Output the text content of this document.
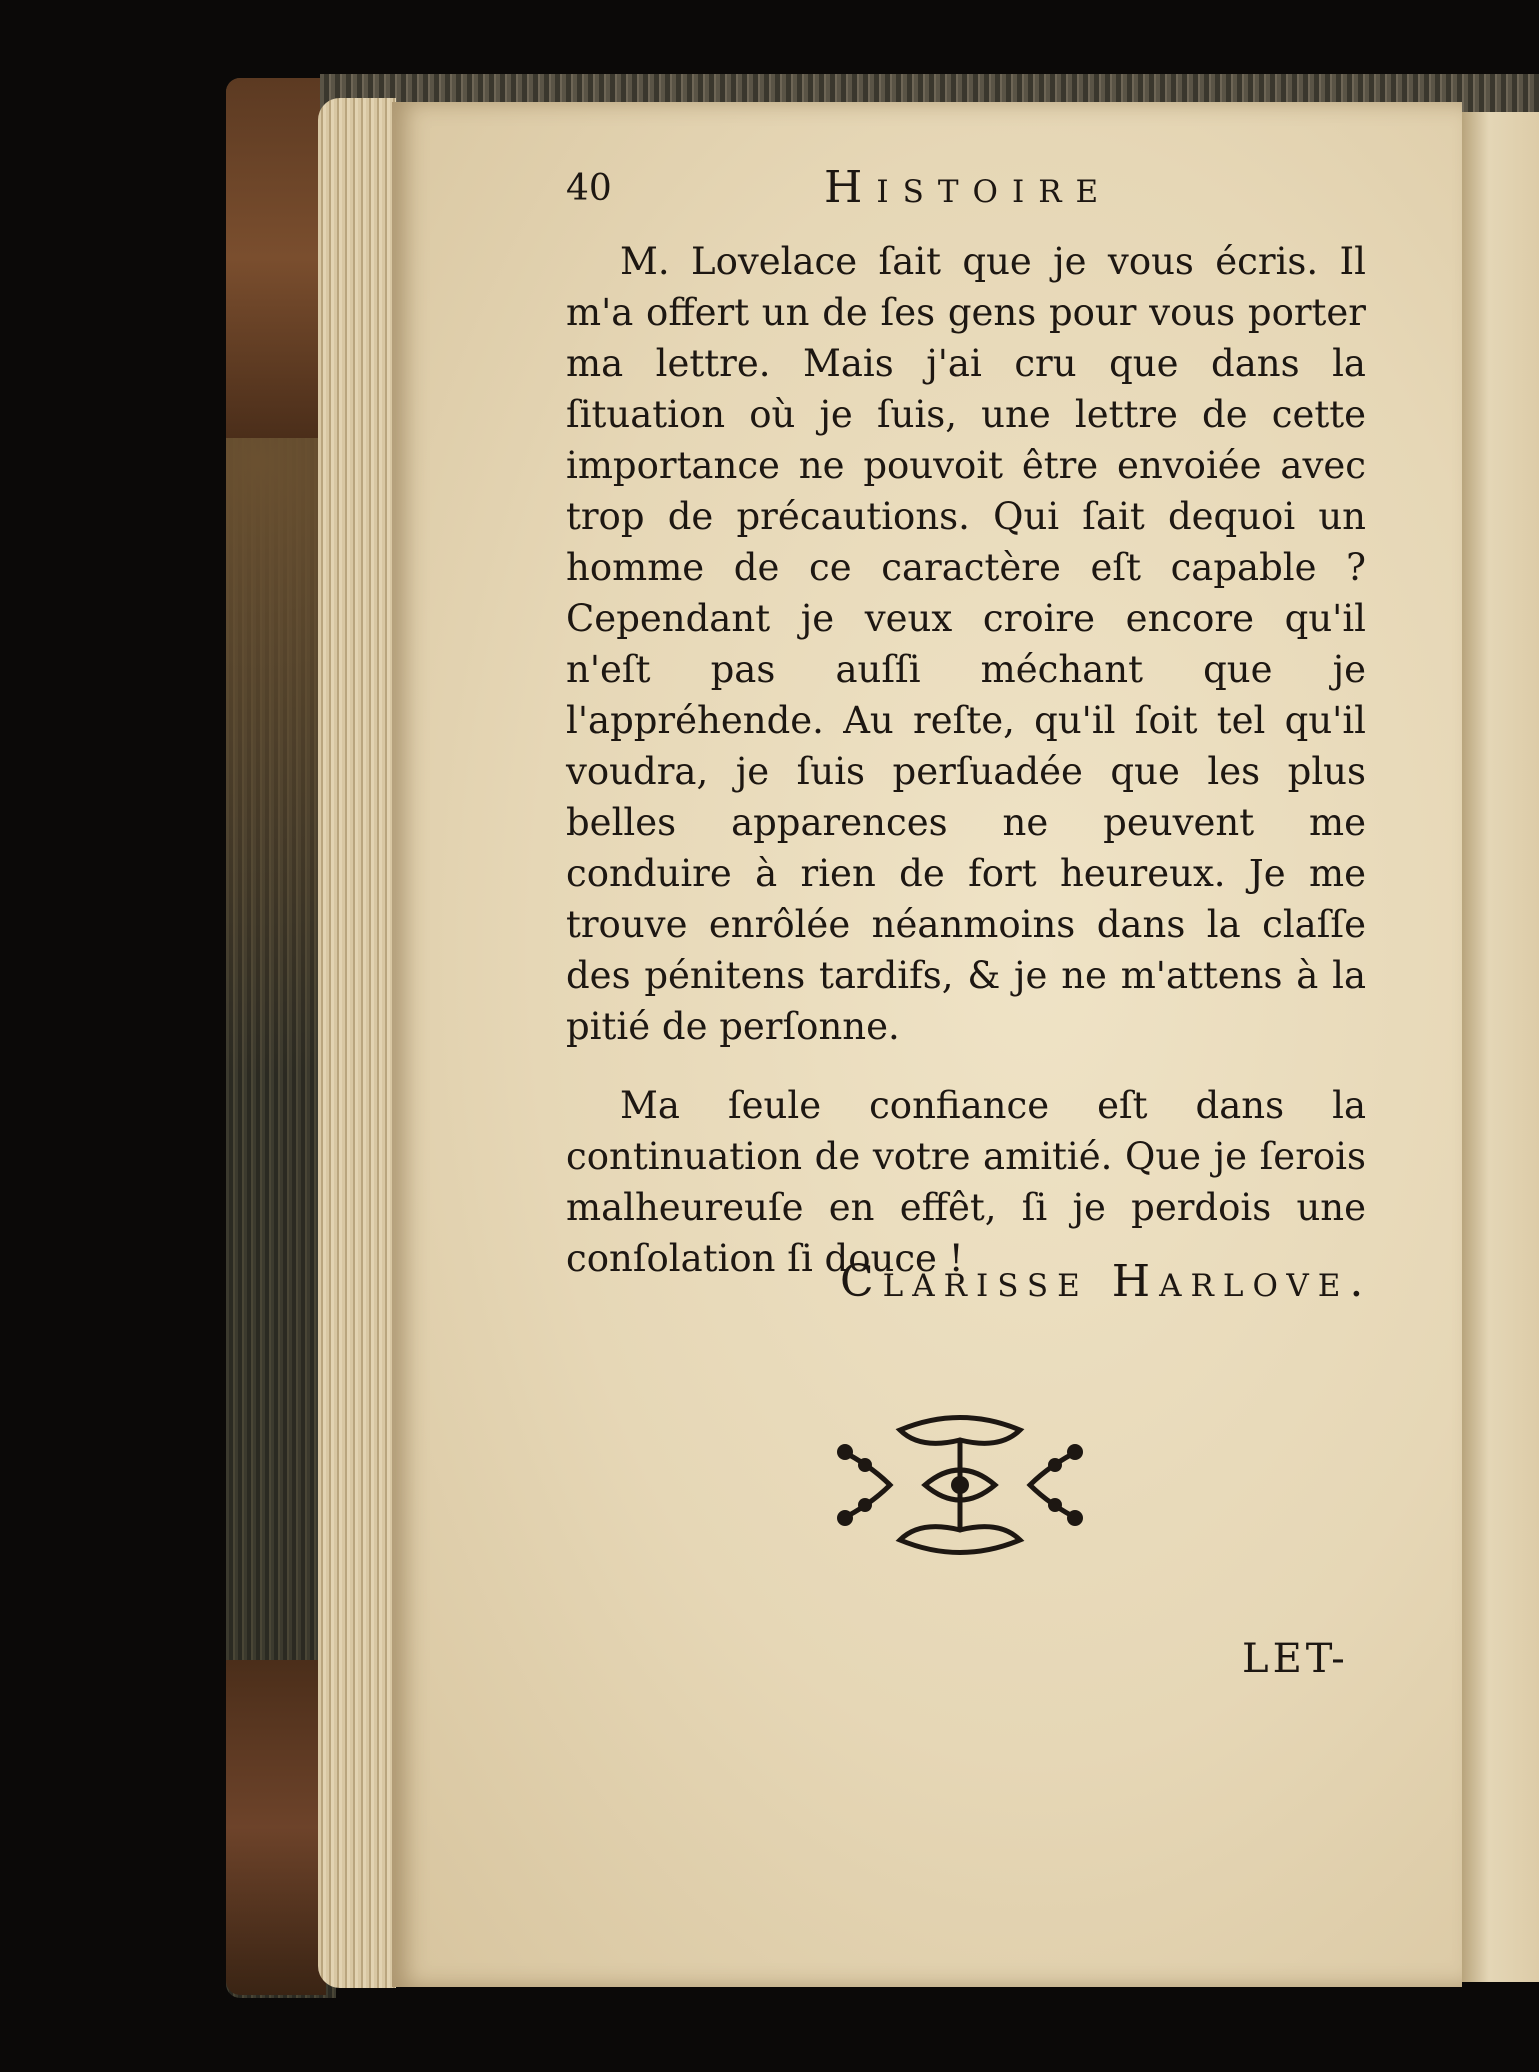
40	Histoire

M. Lovelace ſait que je vous écris. Il m'a offert un de ſes gens pour vous porter ma lettre. Mais j'ai cru que dans la ſituation où je ſuis, une lettre de cette importance ne pouvoit être envoiée avec trop de précautions. Qui ſait dequoi un homme de ce caractère eſt capable ? Cependant je veux croire encore qu'il n'eſt pas auſſi méchant que je l'appréhende. Au reſte, qu'il ſoit tel qu'il voudra, je ſuis perſuadée que les plus belles apparences ne peuvent me conduire à rien de fort heureux. Je me trouve enrôlée néanmoins dans la claſſe des pénitens tardifs, & je ne m'attens à la pitié de perſonne.

Ma ſeule confiance eſt dans la continuation de votre amitié. Que je ſerois malheureuſe en effêt, ſi je perdois une conſolation ſi douce !

Clarisse Harlove.
LET-
